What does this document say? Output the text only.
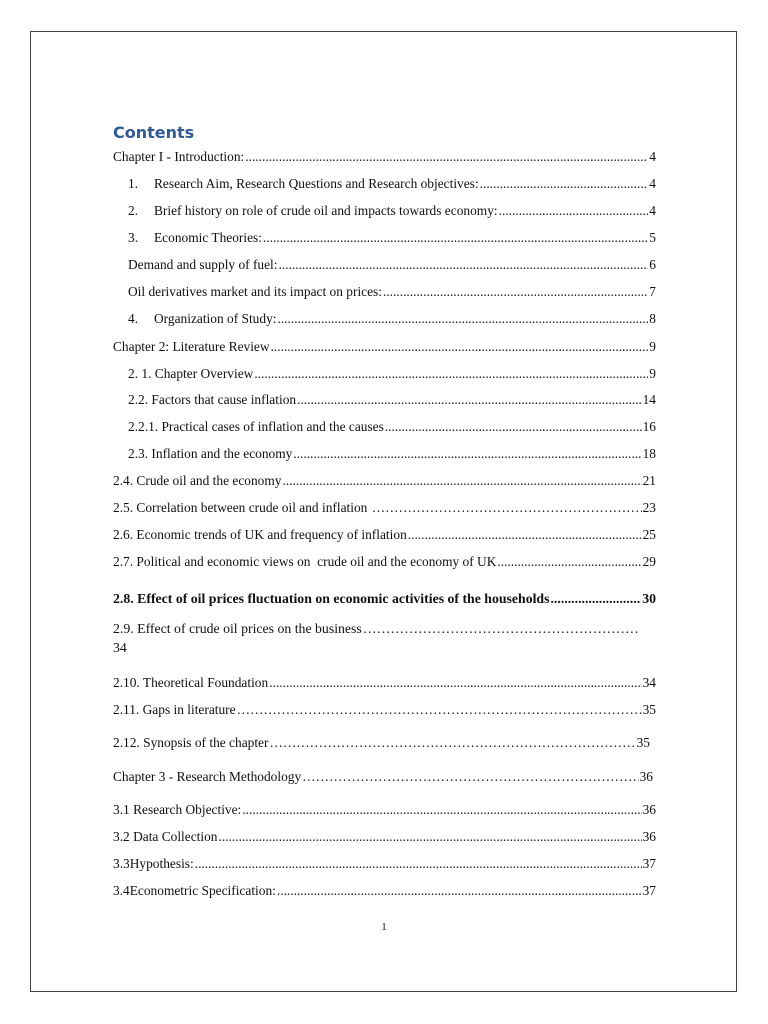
Contents
Chapter I - Introduction: .....	4
1.	Research Aim, Research Questions and Research objectives: .....	4
2.	Brief history on role of crude oil and impacts towards economy: .....	4
3.	Economic Theories: .....	5
Demand and supply of fuel: .....	6
Oil derivatives market and its impact on prices: .....	7
4.	Organization of Study: .....	8
Chapter 2: Literature Review .....	9
2. 1. Chapter Overview .....	9
2.2. Factors that cause inflation .....	14
2.2.1. Practical cases of inflation and the causes .....	16
2.3. Inflation and the economy .....	18
2.4. Crude oil and the economy .....	21
2.5. Correlation between crude oil and inflation …………………………………………………………………………………………………………………………………………………………………………	23
2.6. Economic trends of UK and frequency of inflation .....	25
2.7. Political and economic views on  crude oil and the economy of UK .....	29
2.8. Effect of oil prices fluctuation on economic activities of the households .....	30
2.9. Effect of crude oil prices on the business
…………………………………………………………………………………………………………………………………………………………………………
34
2.10. Theoretical Foundation .....	34
2.11. Gaps in literature …………………………………………………………………………………………………………………………………………………………………………	35
2.12. Synopsis of the chapter …………………………………………………………………………………………………………………………………………………………………………	35
Chapter 3 - Research Methodology …………………………………………………………………………………………………………………………………………………………………………	36
3.1 Research Objective: .....	36
3.2 Data Collection .....	36
3.3Hypothesis: .....	37
3.4Econometric Specification: .....	37
1
